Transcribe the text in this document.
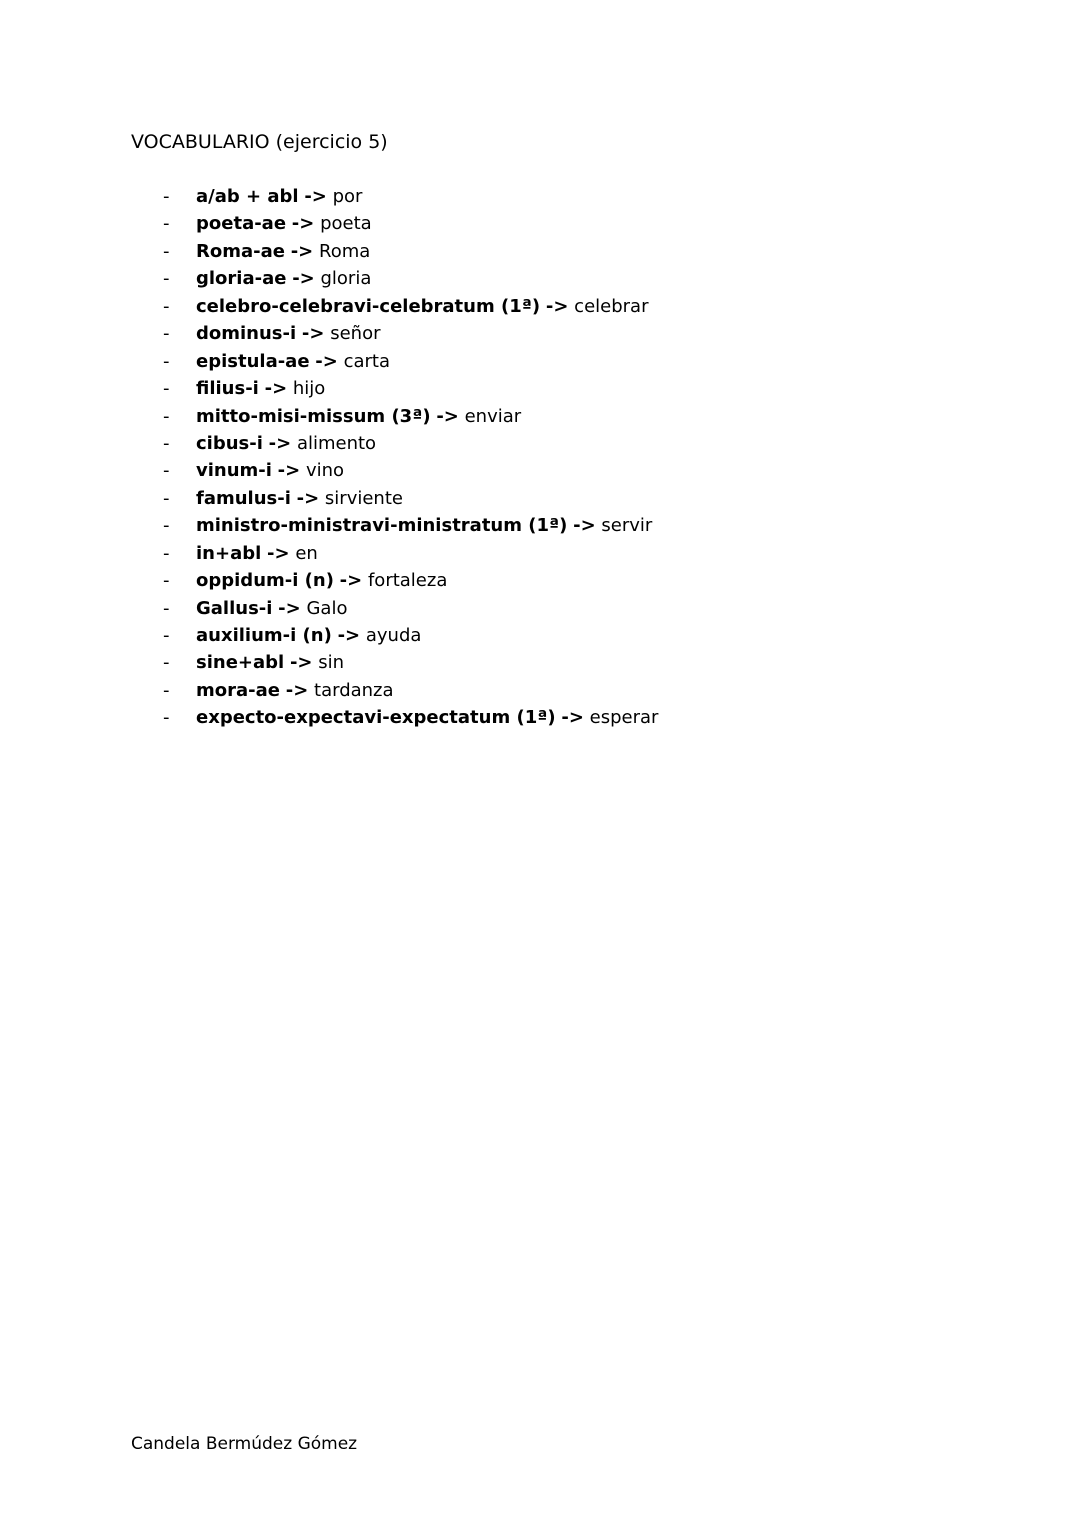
VOCABULARIO (ejercicio 5)
- a/ab + abl -> por
- poeta-ae -> poeta
- Roma-ae -> Roma
- gloria-ae -> gloria
- celebro-celebravi-celebratum (1ª) -> celebrar
- dominus-i -> señor
- epistula-ae -> carta
- filius-i -> hijo
- mitto-misi-missum (3ª) -> enviar
- cibus-i -> alimento
- vinum-i -> vino
- famulus-i -> sirviente
- ministro-ministravi-ministratum (1ª) -> servir
- in+abl -> en
- oppidum-i (n) -> fortaleza
- Gallus-i -> Galo
- auxilium-i (n) -> ayuda
- sine+abl -> sin
- mora-ae -> tardanza
- expecto-expectavi-expectatum (1ª) -> esperar
Candela Bermúdez Gómez
